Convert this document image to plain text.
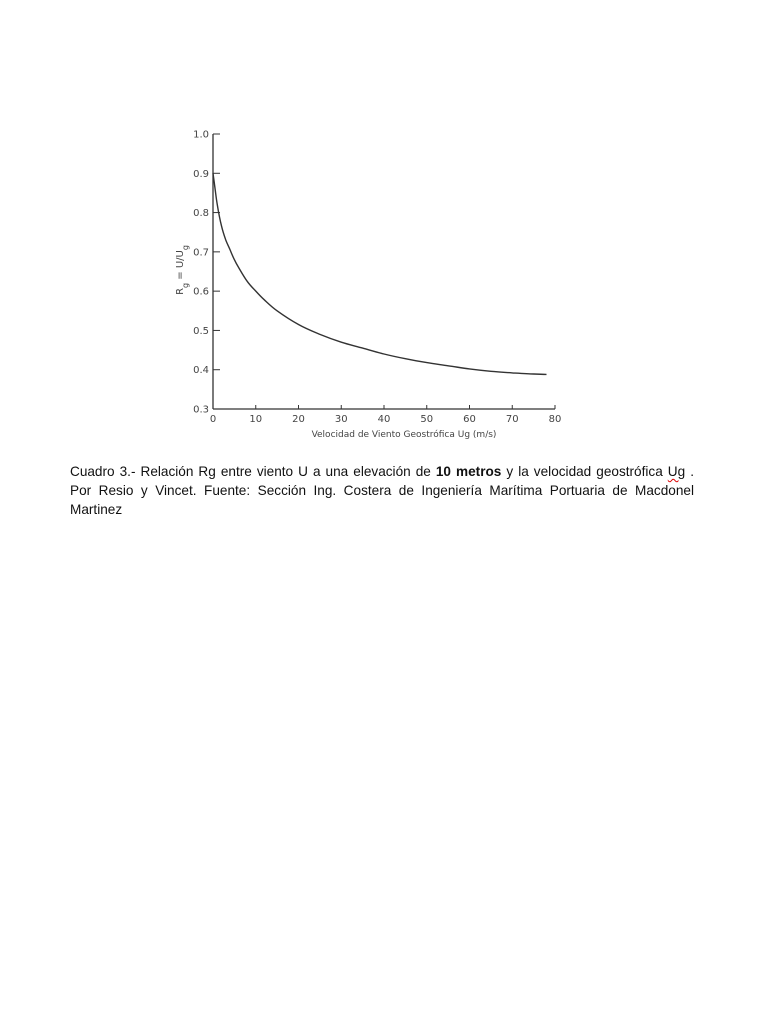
0.3
0.4
0.5
0.6
0.7
0.8
0.9
1.0
0	10	20	30	40	50	60	70	80
Velocidad de Viento Geostrófica Ug (m/s)
$R_g = U/U_g$
Cuadro 3.- Relación Rg entre viento U a una elevación de 10 metros y la velocidad geostrófica Ug . Por Resio y Vincet. Fuente: Sección Ing. Costera de Ingeniería Marítima Portuaria de Macdonel Martinez
